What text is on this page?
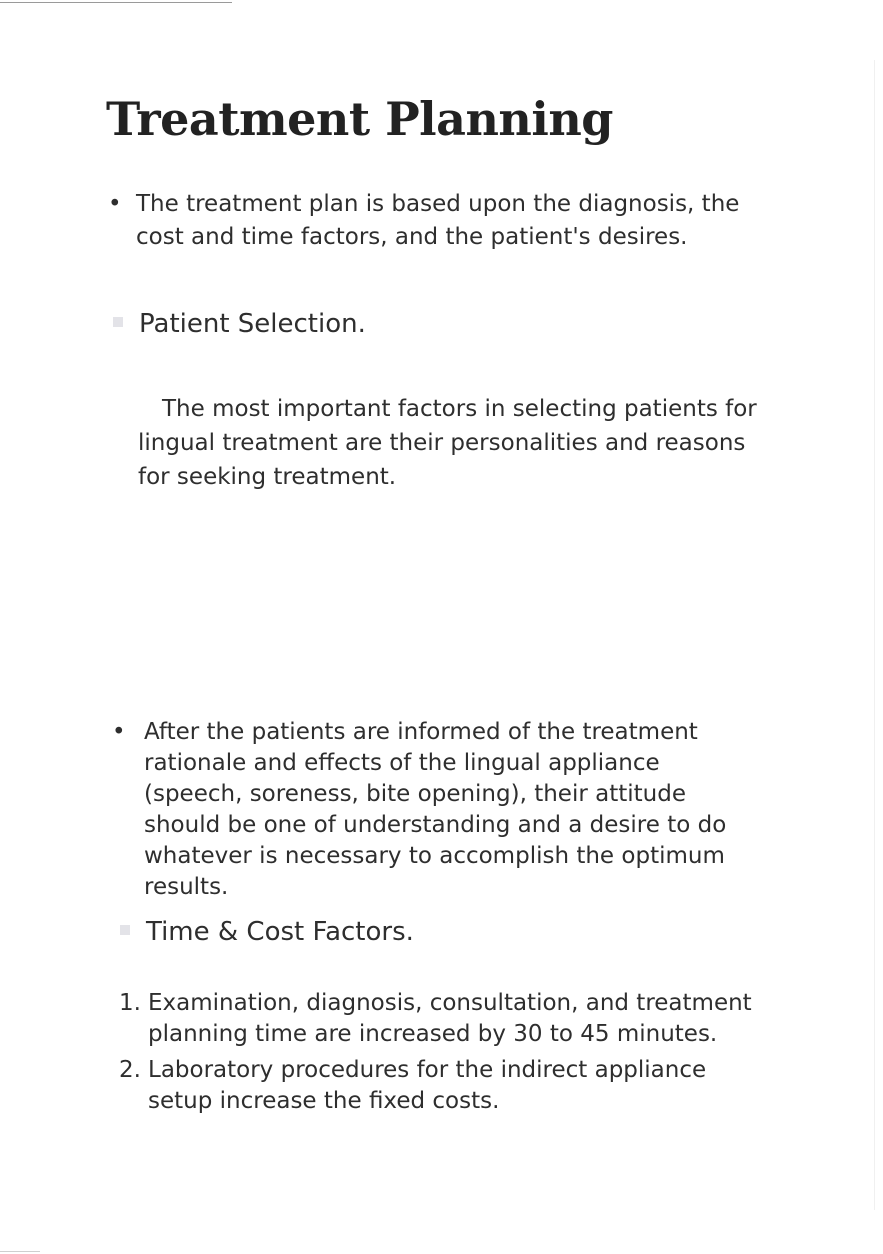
Treatment Planning
• The treatment plan is based upon the diagnosis, the cost and time factors, and the patient's desires.
Patient Selection.
The most important factors in selecting patients for lingual treatment are their personalities and reasons for seeking treatment.
• After the patients are informed of the treatment rationale and effects of the lingual appliance (speech, soreness, bite opening), their attitude should be one of understanding and a desire to do whatever is necessary to accomplish the optimum results.
Time & Cost Factors.
1. Examination, diagnosis, consultation, and treatment planning time are increased by 30 to 45 minutes.
2. Laboratory procedures for the indirect appliance setup increase the fixed costs.
